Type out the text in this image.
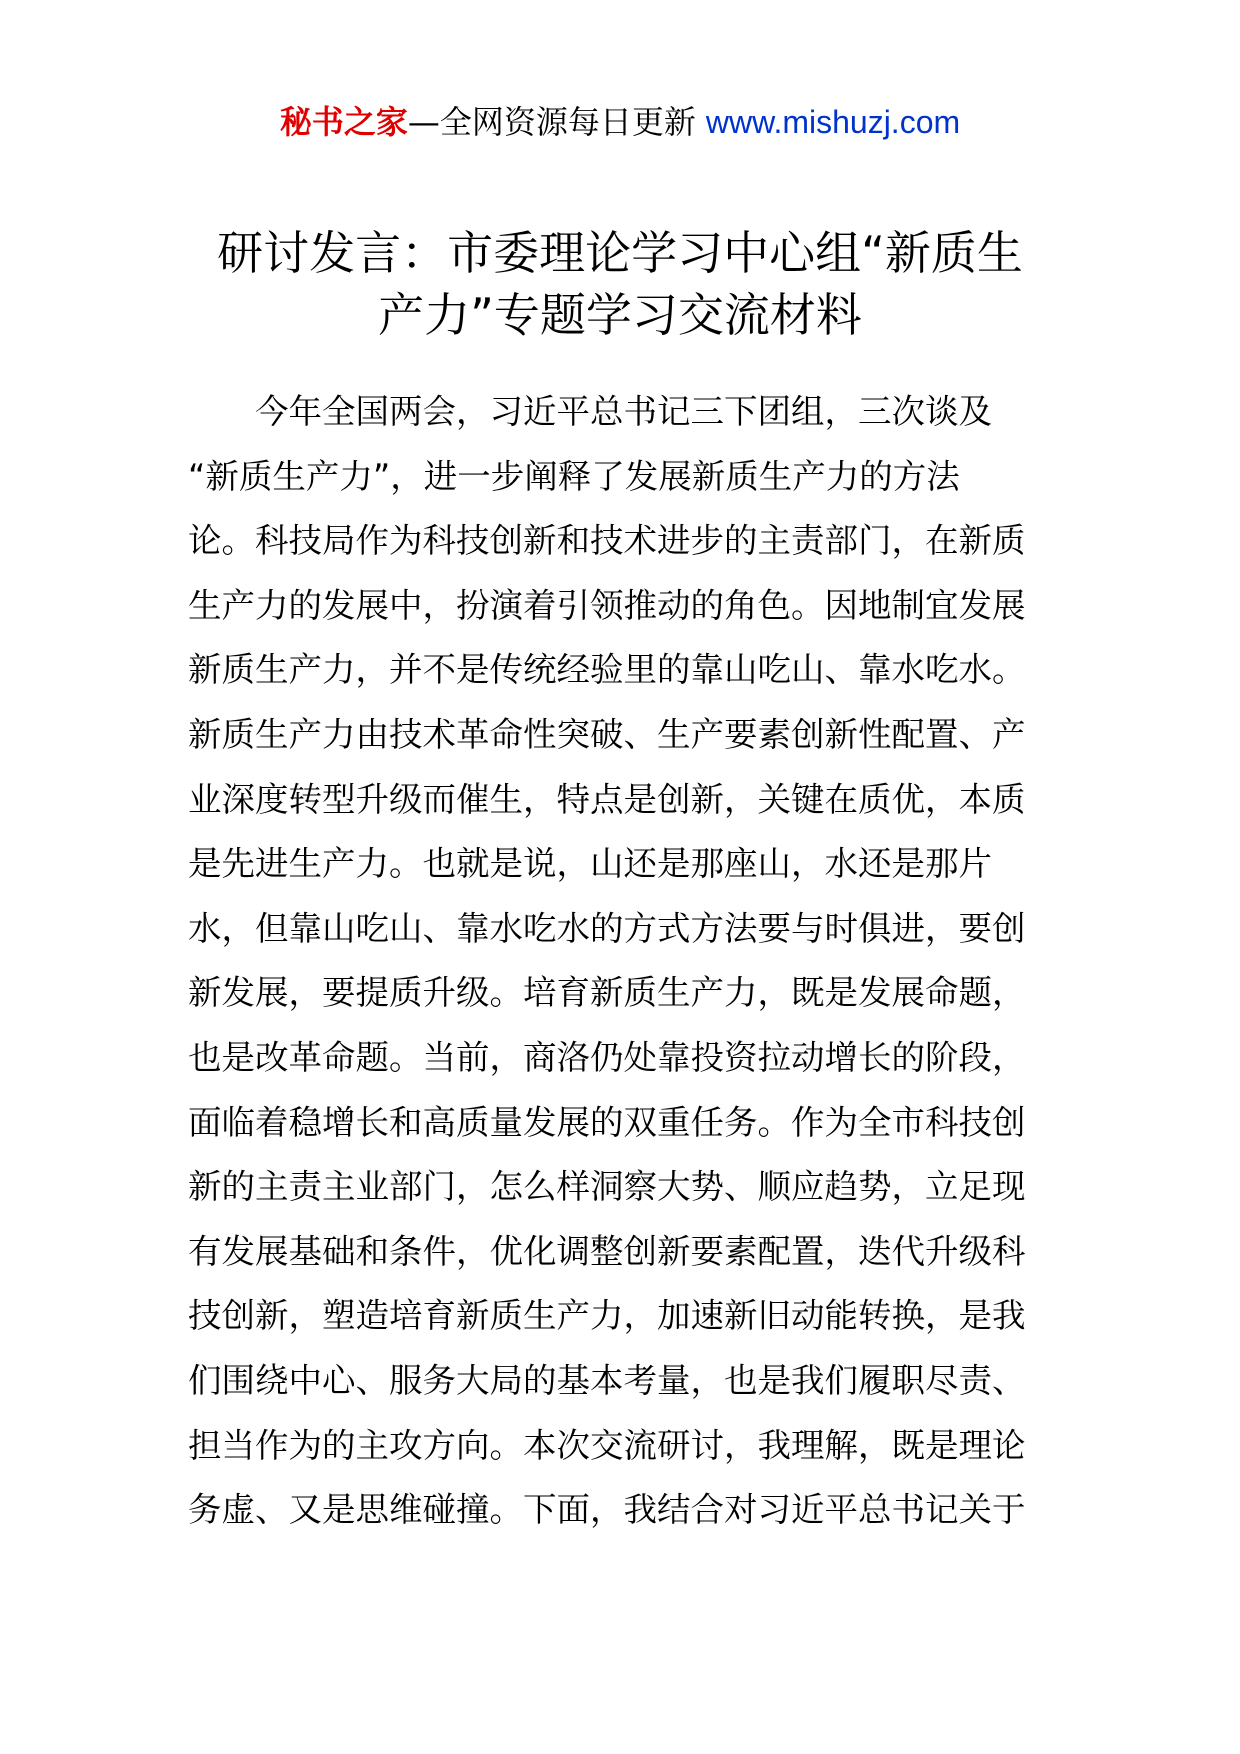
秘书之家—全网资源每日更新 www.mishuzj.com
研讨发言：市委理论学习中心组“新质生
产力”专题学习交流材料
今年全国两会，习近平总书记三下团组，三次谈及
“新质生产力”，进一步阐释了发展新质生产力的方法
论。科技局作为科技创新和技术进步的主责部门，在新质
生产力的发展中，扮演着引领推动的角色。因地制宜发展
新质生产力，并不是传统经验里的靠山吃山、靠水吃水。
新质生产力由技术革命性突破、生产要素创新性配置、产
业深度转型升级而催生，特点是创新，关键在质优，本质
是先进生产力。也就是说，山还是那座山，水还是那片
水，但靠山吃山、靠水吃水的方式方法要与时俱进，要创
新发展，要提质升级。培育新质生产力，既是发展命题，
也是改革命题。当前，商洛仍处靠投资拉动增长的阶段，
面临着稳增长和高质量发展的双重任务。作为全市科技创
新的主责主业部门，怎么样洞察大势、顺应趋势，立足现
有发展基础和条件，优化调整创新要素配置，迭代升级科
技创新，塑造培育新质生产力，加速新旧动能转换，是我
们围绕中心、服务大局的基本考量，也是我们履职尽责、
担当作为的主攻方向。本次交流研讨，我理解，既是理论
务虚、又是思维碰撞。下面，我结合对习近平总书记关于
